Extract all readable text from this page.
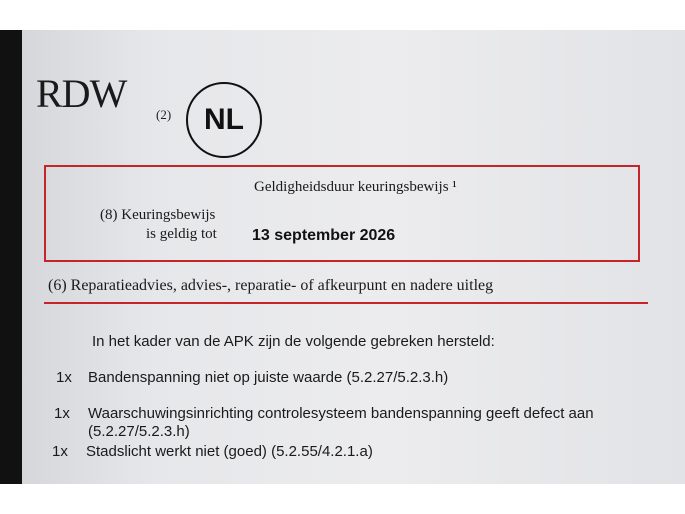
RDW (2) NL
Geldigheidsduur keuringsbewijs ¹
(8) Keuringsbewijs
is geldig tot 13 september 2026
(6) Reparatieadvies, advies-, reparatie- of afkeurpunt en nadere uitleg
In het kader van de APK zijn de volgende gebreken hersteld:
1x Bandenspanning niet op juiste waarde (5.2.27/5.2.3.h)
1x Waarschuwingsinrichting controlesysteem bandenspanning geeft defect aan (5.2.27/5.2.3.h)
1x Stadslicht werkt niet (goed) (5.2.55/4.2.1.a)
